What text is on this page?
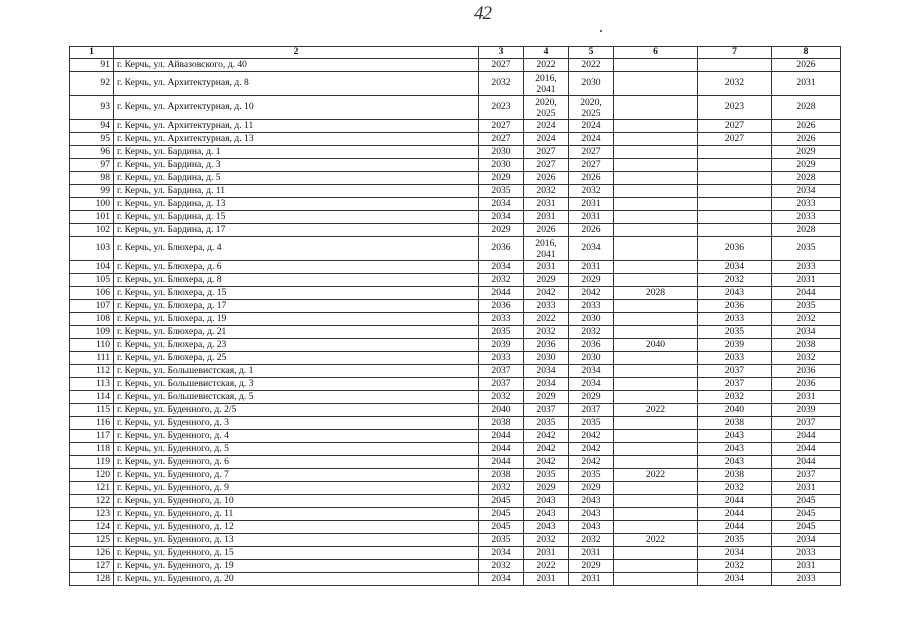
42
1	2	3	4	5	6	7	8
91	г. Керчь, ул. Айвазовского, д. 40	2027	2022	2022			2026
92	г. Керчь, ул. Архитектурная, д. 8	2032	2016, 2041	2030		2032	2031
93	г. Керчь, ул. Архитектурная, д. 10	2023	2020, 2025	2020, 2025		2023	2028
94	г. Керчь, ул. Архитектурная, д. 11	2027	2024	2024		2027	2026
95	г. Керчь, ул. Архитектурная, д. 13	2027	2024	2024		2027	2026
96	г. Керчь, ул. Бардина, д. 1	2030	2027	2027			2029
97	г. Керчь, ул. Бардина, д. 3	2030	2027	2027			2029
98	г. Керчь, ул. Бардина, д. 5	2029	2026	2026			2028
99	г. Керчь, ул. Бардина, д. 11	2035	2032	2032			2034
100	г. Керчь, ул. Бардина, д. 13	2034	2031	2031			2033
101	г. Керчь, ул. Бардина, д. 15	2034	2031	2031			2033
102	г. Керчь, ул. Бардина, д. 17	2029	2026	2026			2028
103	г. Керчь, ул. Блюхера, д. 4	2036	2016, 2041	2034		2036	2035
104	г. Керчь, ул. Блюхера, д. 6	2034	2031	2031		2034	2033
105	г. Керчь, ул. Блюхера, д. 8	2032	2029	2029		2032	2031
106	г. Керчь, ул. Блюхера, д. 15	2044	2042	2042	2028	2043	2044
107	г. Керчь, ул. Блюхера, д. 17	2036	2033	2033		2036	2035
108	г. Керчь, ул. Блюхера, д. 19	2033	2022	2030		2033	2032
109	г. Керчь, ул. Блюхера, д. 21	2035	2032	2032		2035	2034
110	г. Керчь, ул. Блюхера, д. 23	2039	2036	2036	2040	2039	2038
111	г. Керчь, ул. Блюхера, д. 25	2033	2030	2030		2033	2032
112	г. Керчь, ул. Большевистская, д. 1	2037	2034	2034		2037	2036
113	г. Керчь, ул. Большевистская, д. 3	2037	2034	2034		2037	2036
114	г. Керчь, ул. Большевистская, д. 5	2032	2029	2029		2032	2031
115	г. Керчь, ул. Буденного, д. 2/5	2040	2037	2037	2022	2040	2039
116	г. Керчь, ул. Буденного, д. 3	2038	2035	2035		2038	2037
117	г. Керчь, ул. Буденного, д. 4	2044	2042	2042		2043	2044
118	г. Керчь, ул. Буденного, д. 5	2044	2042	2042		2043	2044
119	г. Керчь, ул. Буденного, д. 6	2044	2042	2042		2043	2044
120	г. Керчь, ул. Буденного, д. 7	2038	2035	2035	2022	2038	2037
121	г. Керчь, ул. Буденного, д. 9	2032	2029	2029		2032	2031
122	г. Керчь, ул. Буденного, д. 10	2045	2043	2043		2044	2045
123	г. Керчь, ул. Буденного, д. 11	2045	2043	2043		2044	2045
124	г. Керчь, ул. Буденного, д. 12	2045	2043	2043		2044	2045
125	г. Керчь, ул. Буденного, д. 13	2035	2032	2032	2022	2035	2034
126	г. Керчь, ул. Буденного, д. 15	2034	2031	2031		2034	2033
127	г. Керчь, ул. Буденного, д. 19	2032	2022	2029		2032	2031
128	г. Керчь, ул. Буденного, д. 20	2034	2031	2031		2034	2033
